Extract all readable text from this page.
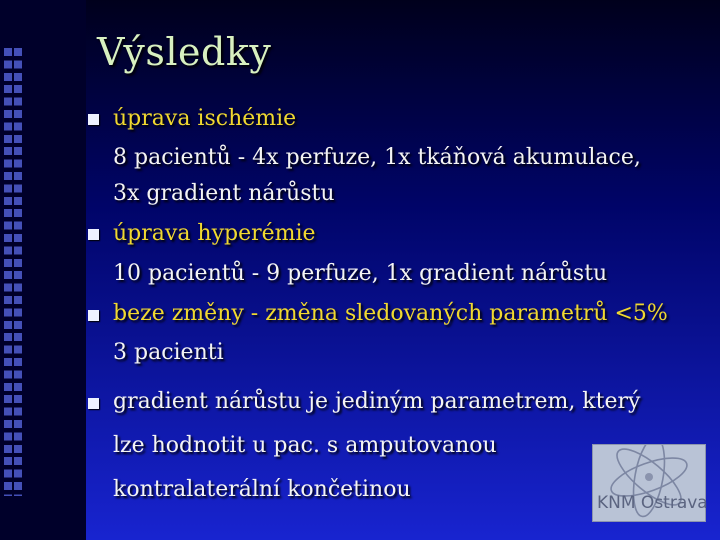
Výsledky
úprava ischémie
8 pacientů - 4x perfuze, 1x tkáňová akumulace,
3x gradient nárůstu
úprava hyperémie
10 pacientů - 9 perfuze, 1x gradient nárůstu
beze změny - změna sledovaných parametrů <5%
3 pacienti
gradient nárůstu je jediným parametrem, který
lze hodnotit u pac. s amputovanou
kontralaterální končetinou
KNM Ostrava
